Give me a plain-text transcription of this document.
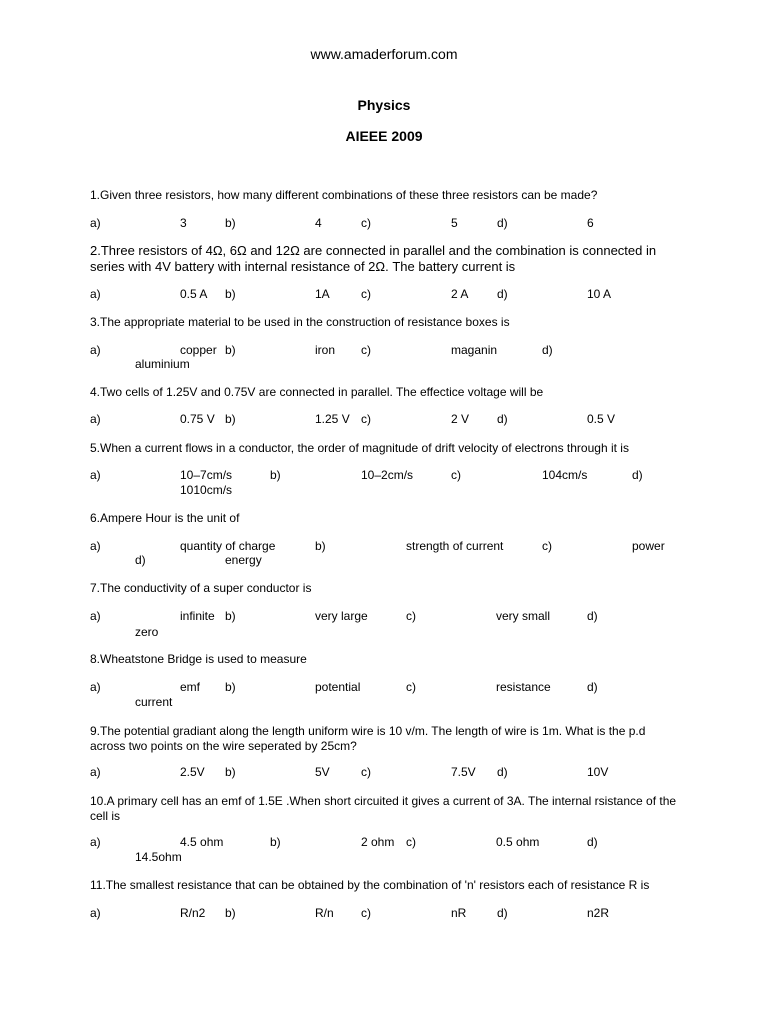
www.amaderforum.com
Physics
AIEEE 2009
1.Given three resistors, how many different combinations of these three resistors can be made?
a)	3	b)	4	c)	5	d)	6
2.Three resistors of 4Ω, 6Ω and 12Ω are connected in parallel and the combination is connected in series with 4V battery with internal resistance of 2Ω. The battery current is
a)	0.5 A b)	1A	c)	2 A d)	10 A
3.The appropriate material to be used in the construction of resistance boxes is
a)	copper b)	iron c)	maganin	d)
aluminium
4.Two cells of 1.25V and 0.75V are connected in parallel. The effectice voltage will be
a)	0.75 V b)	1.25 V c)	2 V d)	0.5 V
5.When a current flows in a conductor, the order of magnitude of drift velocity of electrons through it is
a)	10–7cm/s	b)	10–2cm/s	c)	104cm/s	d)
1010cm/s
6.Ampere Hour is the unit of
a)	quantity of charge	b)	strength of current	c)	power
d)	energy
7.The conductivity of a super conductor is
a)	infinite b)	very large	c)	very small	d)
zero
8.Wheatstone Bridge is used to measure
a)	emf b)	potential	c)	resistance	d)
current
9.The potential gradiant along the length uniform wire is 10 v/m. The length of wire is 1m. What is the p.d across two points on the wire seperated by 25cm?
a)	2.5V b)	5V	c)	7.5V d)	10V
10.A primary cell has an emf of 1.5E .When short circuited it gives a current of 3A. The internal rsistance of the cell is
a)	4.5 ohm	b)	2 ohm c)	0.5 ohm	d)
14.5ohm
11.The smallest resistance that can be obtained by the combination of 'n' resistors each of resistance R is
a)	R/n2 b)	R/n c)	nR	d)	n2R
